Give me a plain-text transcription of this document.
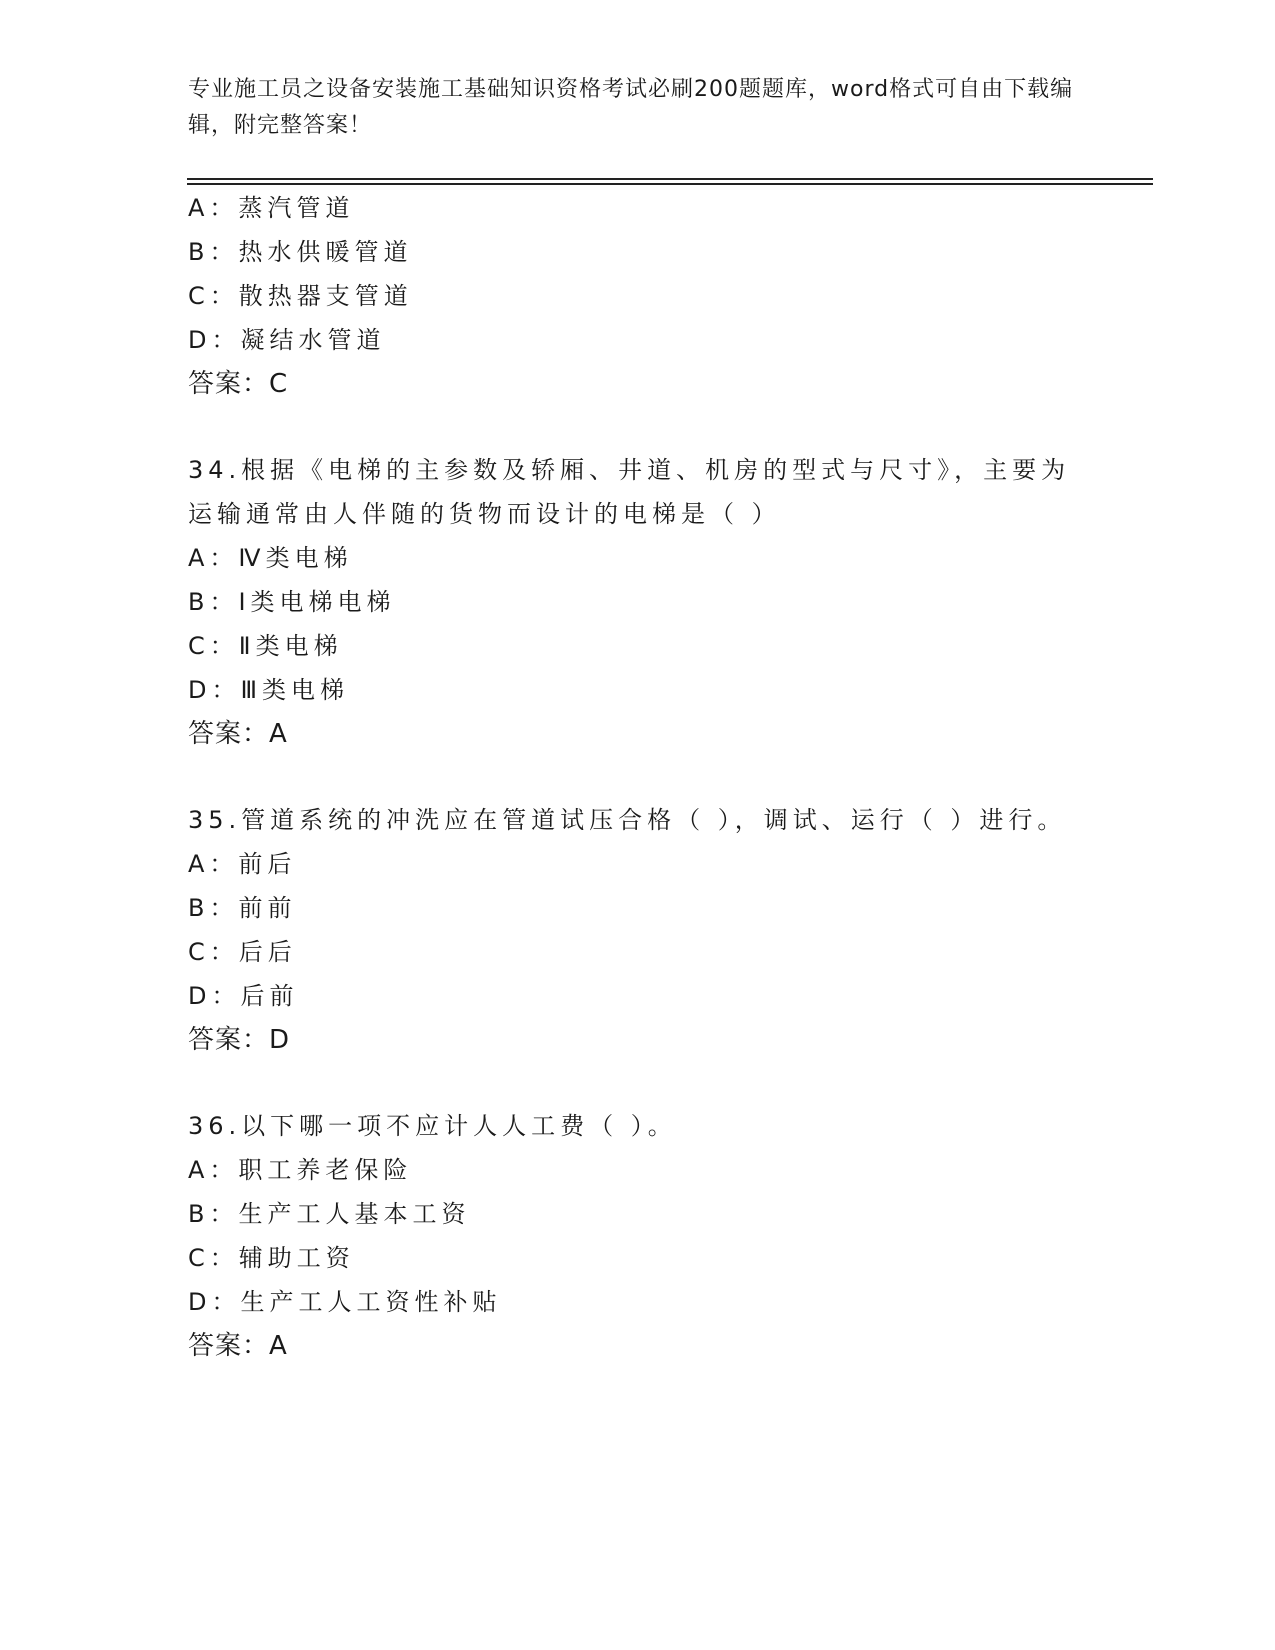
专业施工员之设备安装施工基础知识资格考试必刷200题题库，word格式可自由下载编辑，附完整答案！
A：蒸汽管道
B：热水供暖管道
C：散热器支管道
D：凝结水管道
答案：C
34.根据《电梯的主参数及轿厢、井道、机房的型式与尺寸》，主要为
运输通常由人伴随的货物而设计的电梯是（ ）
A：Ⅳ类电梯
B：Ⅰ类电梯电梯
C：Ⅱ类电梯
D：Ⅲ类电梯
答案：A
35.管道系统的冲洗应在管道试压合格（ ），调试、运行（ ）进行。
A：前后
B：前前
C：后后
D：后前
答案：D
36.以下哪一项不应计人人工费（ ）。
A：职工养老保险
B：生产工人基本工资
C：辅助工资
D：生产工人工资性补贴
答案：A
